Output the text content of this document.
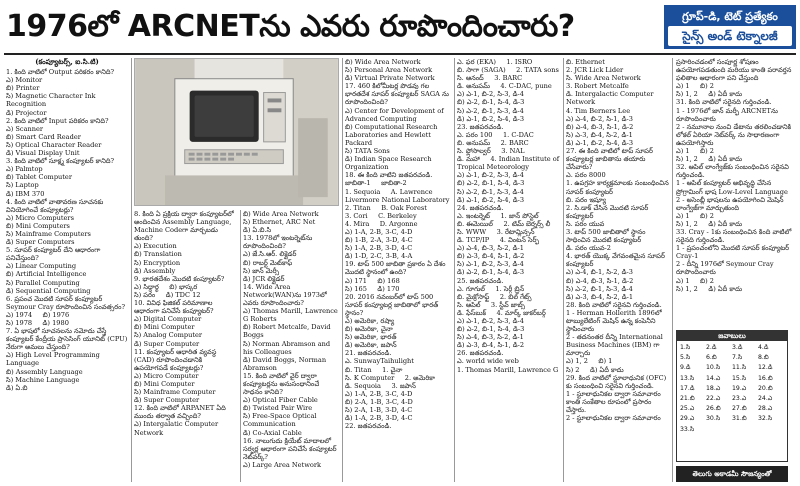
1976లో ARCNETను ఎవరు రూపొందించారు?	గ్రూప్-డి, టెట్ ప్రత్యేకం
సైన్స్ అండ్ టెక్నాలజీ

(కంప్యూటర్స్, ఐ.సి.టి)

1. కింది వాటిలో Output పరికరం కానిది?
ఎ) Monitor
బి) Printer
సి) Magnetic Character Ink Recognition
డి) Projector
2. కింది వాటిలో Input పరికరం కానిది?
ఎ) Scanner
బి) Smart Card Reader
సి) Optical Character Reader
డి) Visual Display Unit
3. కింది వాటిలో సూక్ష్మ కంప్యూటర్ కానిది?
ఎ) Palmtop
బి) Tablet Computer
సి) Laptop
డి) IBM 370
4. కింది వాటిలో వాతావరణ సూచనకు వినియోగించే కంప్యూటర్లు?
ఎ) Micro Computers
బి) Mini Computers
సి) Mainframe Computers
డి) Super Computers
5. సూపర్ కంప్యూటర్ దేని ఆధారంగా పనిచేస్తుంది?
ఎ) Linear Computing
బి) Artificial Intelligence
సి) Parallel Computing
డి) Sequential Computing
6. ప్రపంచ మొదటి సూపర్ కంప్యూటర్ Seymour Cray రూపొందించిన సంవత్సరం?
ఎ) 1974     బి) 1976
సి) 1978     డి) 1980
7. ఏ భాషలో సూచనలను నమోదు చేస్తే కంప్యూటర్ కేంద్రీయ ప్రాసెసింగ్ యూనిట్ (CPU) నేరుగా అమలు చేస్తుంది?
ఎ) High Level Programming Language
బి) Assembly Language
సి) Machine Language
డి) ఏ.బి

8. కింది ఏ ప్రక్రియ ద్వారా కంప్యూటర్‌లో అందించిన Assembly Language, Machine Codeగా మార్చబడు తుంది?
ఎ) Execution
బి) Translation
సి) Encryption
డి) Assembly
9. భారతదేశం మొదటి కంప్యూటర్?
ఎ) సిద్ధార్థ     బి) భాస్కర
సి) పరం     డి) TDC 12
10. వివిధ ఫిజికల్ పరిమాణాల ఆధారంగా పనిచేసే కంప్యూటర్?
ఎ) Digital Computer
బి) Mini Computer
సి) Analog Computer
డి) Super Computer
11. కంప్యూటర్ ఆధారిత వ్యవస్థ (CAD) రూపొందించడానికి ఉపయోగపడే కంప్యూటర్లు?
ఎ) Micro Computer
బి) Mini Computer
సి) Mainframe Computer
డి) Super Computer
12. కింది వాటిలో ARPANET ఏది ముందు తర్వాత వచ్చింది?
ఎ) Intergalatic Computer Network

బి) Wide Area Network
సి) Ethernet, ARC Net
డి) ఏ.బి.సి
13. 1978లో ఇంటర్నెట్‌ను రూపొందించింది?
ఎ) జే.సి.ఆర్. లిక్లైడర్
బి) రాబర్ట్ మెట్‌కాఫ్
సి) జాన్ మెర్సీ
డి) JCR లిక్లైడర్
14. Wide Area Network(WAN)ను 1973లో ఎవరు రూపొందించారు?
ఎ) Thomas Marill, Lawrence G Roberts
బి) Robert Metcalfe, David Boggs
సి) Norman Abramson and his Colleagues
డి) David Boggs, Norman Abramson
15. కింది వాటిలో వైర్ ద్వారా కంప్యూటర్లను అనుసంధానించే సాధనం కానిది?
ఎ) Optical Fiber Cable
బి) Twisted Pair Wire
సి) Free-Space Optical Communication
డి) Co-Axial Cable
16. నాలుగుదు క్రియేట్ మాదాలలో సర్వర్ల ఆధారంగా పనిచేసే కంప్యూటర్ నెట్‌వర్క్?
ఎ) Large Area Network

బి) Wide Area Network
సి) Personal Area Network
డి) Virtual Private Network
17. 460 కిలోమీటర్ల పొడవు గల భారతదేశ సూపర్ కంప్యూటర్ SAGA ను రూపొందించింది?
ఎ) Center for Development of Advanced Computing
బి) Computational Research Laboratories and Hewlett Packard
సి) TATA Sons
డి) Indian Space Research Organization
18. ఈ కింది వాటిని జతపరచండి.
జాబితా-1     జాబితా-2
1. Sequoia     A. Lawrence Livermore National Laboratory
2. Titan     B. Oak Forest
3. Cori     C. Berkeley
4. Mira     D. Argonne
ఎ) 1-A, 2-B, 3-C, 4-D
బి) 1-B, 2-A, 3-D, 4-C
సి) 1-A, 2-B, 3-D, 4-C
డి) 1-D, 2-C, 3-B, 4-A
19. టాప్ 500 జాబితా ప్రకారం ఏ దేశం మొదటి స్థానంలో ఉంది?
ఎ) 171     బి) 168
సి) 165     డి) 170
20. 2016 నవంబర్‌లో టాప్ 500 సూపర్ కంప్యూటర్ల జాబితాలో భారత్ స్థానం?
ఎ) అమెరికా, రష్యా
బి) అమెరికా, చైనా
సి) అమెరికా, భారత్
డి) అమెరికా, జపాన్
21. జతపరచండి.
ఎ. SunwayTaihulight
బి. Titan     1. చైనా
సి. K Computer     2. అమెరికా
డి. Sequoia     3. జపాన్
ఎ) 1-A, 2-B, 3-C, 4-D
బి) 2-A, 1-B, 3-C, 4-D
సి) 2-A, 1-B, 3-D, 4-C
డి) 1-A, 2-B, 3-D, 4-C
22. జతపరచండి.

ఎ. ఫర (EKA)     1. ISRO
బి. సాగా (SAGA)     2. TATA sons
సి. ఆనంద్     3. BARC
డి. అనుపమ్     4. C-DAC, pune
ఎ) ఎ-1, బి-2, సి-3, డి-4
బి) ఎ-2, బి-1, సి-4, డి-3
సి) ఎ-2, బి-1, సి-3, డి-4
డి) ఎ-1, బి-2, సి-4, డి-3
23. జతపరచండి.
ఎ. పరం 100     1. C-DAC
బి. అనుపమ్     2. BARC
సి. ఫ్లోసాల్వర్     3. NAL
డి. మహా     4. Indian Institute of Tropical Meteorology
ఎ) ఎ-1, బి-2, సి-3, డి-4
బి) ఎ-2, బి-1, సి-4, డి-3
సి) ఎ-2, బి-1, సి-3, డి-4
డి) ఎ-1, బి-2, సి-4, డి-3
24. జతపరచండి.
ఎ. ఇంటర్నెట్     1. జాన్ పోస్టెల్
బి. ఈమెయిల్     2. టిమ్ బెర్నర్స్ లీ
సి. WWW     3. రేటామ్లిన్సన్
డి. TCP/IP     4. వింటన్ సెర్ఫ్
ఎ) ఎ-4, బి-3, సి-2, డి-1
బి) ఎ-3, బి-4, సి-1, డి-2
సి) ఎ-1, బి-2, సి-3, డి-4
డి) ఎ-2, బి-1, సి-4, డి-3
25. జతపరచండి.
ఎ. గూగుల్     1. సెర్గీ బ్రిన్
బి. మైక్రోసాఫ్ట్     2. బిల్ గేట్స్
సి. ఆపిల్     3. స్టీవ్ జాబ్స్
డి. ఫేస్‌బుక్     4. మార్క్ జుకర్‌బర్గ్
ఎ) ఎ-1, బి-2, సి-3, డి-4
బి) ఎ-2, బి-1, సి-4, డి-3
సి) ఎ-4, బి-3, సి-2, డి-1
డి) ఎ-3, బి-4, సి-1, డి-2
26. జతపరచండి.
ఎ. world wide web
1. Thomas Marill, Lawrence G

బి. Ethernet
2. JCR Lick Lider
సి. Wide Area Network
3. Robert Metcalfe
డి. Intergalactic Computer Network
4. Tim Berners Lee
ఎ) ఎ-4, బి-2, సి-1, డి-3
బి) ఎ-4, బి-3, సి-1, డి-2
సి) ఎ-3, బి-4, సి-2, డి-1
డి) ఎ-1, బి-2, సి-4, డి-3
27. ఈ కింది వాటిలో టాప్ సూపర్ కంప్యూటర్ల జాబితాను తయారు చేసేవారు?
ఎ. పరం 8000
1. ఉపగ్రహ కార్యక్రమాలకు సంబంధించిన సూపర్ కంప్యూటర్
బి. పరం ఇష్యూ
2. సి.డాక్ చేసిన మొదటి సూపర్ కంప్యూటర్
సి. పరం యువ
3. టాప్ 500 జాబితాలో స్థానం సాధించిన మొదటి కంప్యూటర్
డి. పరం యువ-2
4. భారత్ యొక్క వేగవంతమైన సూపర్ కంప్యూటర్
ఎ) ఎ-4, బి-1, సి-2, డి-3
బి) ఎ-4, బి-3, సి-1, డి-2
సి) ఎ-2, బి-1, సి-3, డి-4
డి) ఎ-3, బి-4, సి-2, డి-1
28. కింది వాటిలో సరైనవి గుర్తించండి.
1 - Herman Hollerith 1896లో టాబ్యులేటింగ్ మెషిన్ ఉన్న కంపెనీని స్థాపించారు
2 - తదనంతర దీన్ని International Business Machines (IBM) గా మార్చారు
ఎ) 1, 2     బి) 1
సి) 2     డి) ఏదీ కాదు
29. కింద వాటిలో స్టూలాధునిక (OFC) కు సంబంధించి సరైనవి గుర్తించండి.
1 - స్టూలాధునికల ద్వారా సమాచారం కాంతి సంకేతాల రూపంలో ప్రసారం చేస్తారు.
2 - స్టూలాధునికల ద్వారా సమాచారం

ప్రసారించడంలో సంపూర్ణ శోషణం ఉపయోగపడతుంది మరియు కాంతి పరావర్తన ఫలితాల ఆధారంగా పని చేస్తుంది
ఎ) 1     బి) 2
సి) 1, 2     డి) ఏదీ కాదు
31. కింది వాటిలో సరైనది గుర్తించండి.
1 - 1976లో జాన్ మర్ఫీ ARCNETను రూపొందించారు
2 - నమూనాల నుంచి డేటాను తరలించడానికి లోకల్ ఏరియా నెట్‌వర్క్ ను సాధారణంగా ఉపయోగిస్తారు
ఎ) 1     బి) 2
సి) 1, 2     డి) ఏదీ కాదు
32. ఆపిల్ లాంగ్వేజ్‌కు సంబంధించిన సరైనవి గుర్తించండి.
1 - ఆపిల్ కంప్యూటర్ అభివృద్ధి చేసిన ప్రోగ్రామింగ్ భాష Low-Level Language
2 - అసెంబ్లీ భాషలను ఉపయోగించి మెషిన్ లాంగ్వేజ్‌గా మార్చుతుంది
ఎ) 1     బి) 2
సి) 1, 2     డి) ఏదీ కాదు
33. Cray - 1కు సంబంధించిన కింది వాటిలో సరైనది గుర్తించండి.
1 - ప్రపంచంలోని మొదటి సూపర్ కంప్యూటర్ Cray-1
2 - దీన్ని 1976లో Seymour Cray రూపొందించారు
ఎ) 1     బి) 2
సి) 1, 2     డి) ఏదీ కాదు

జవాబులు
1.సి	2.డి	3.డి	4.డి
5.సి	6.బి	7.సి	8.బి
9.డి	10.సి	11.సి	12.డి
13.సి	14.ఎ	15.సి	16.బి
17.డి	18.ఎ	19.ఎ	20.బి
21.బి	22.ఎ	23.ఎ	24.ఎ
25.ఎ	26.బి	27.బి	28.ఎ
29.ఎ	30.సి	31.బి	32.సి
33.సి
తెలుగు అకాడమీ సౌజన్యంతో
